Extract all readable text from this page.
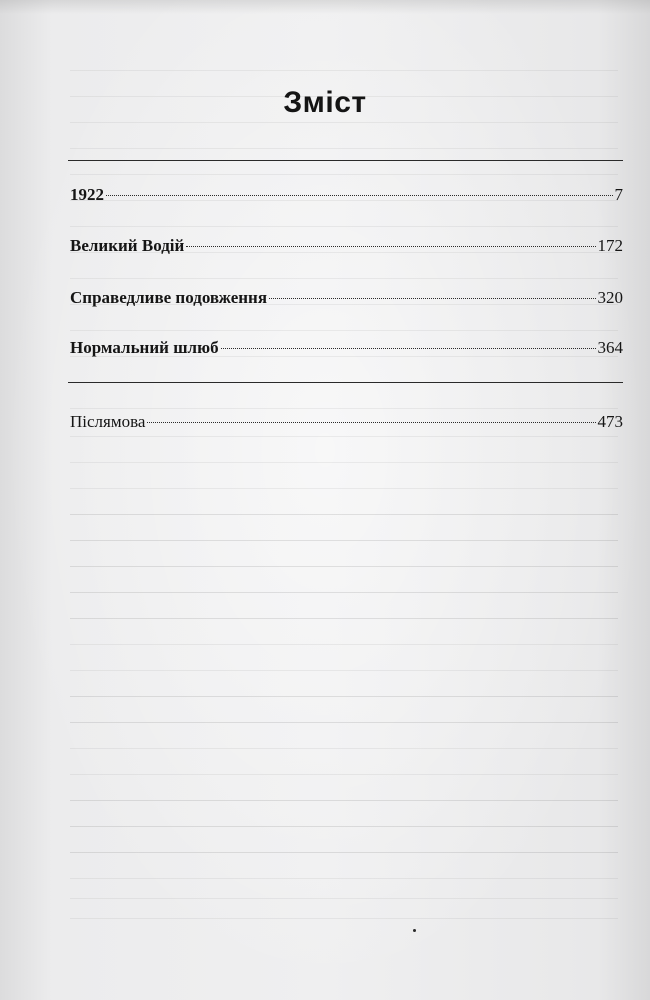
Зміст
1922	7
Великий Водій	172
Справедливе подовження	320
Нормальний шлюб	364
Післямова	473
